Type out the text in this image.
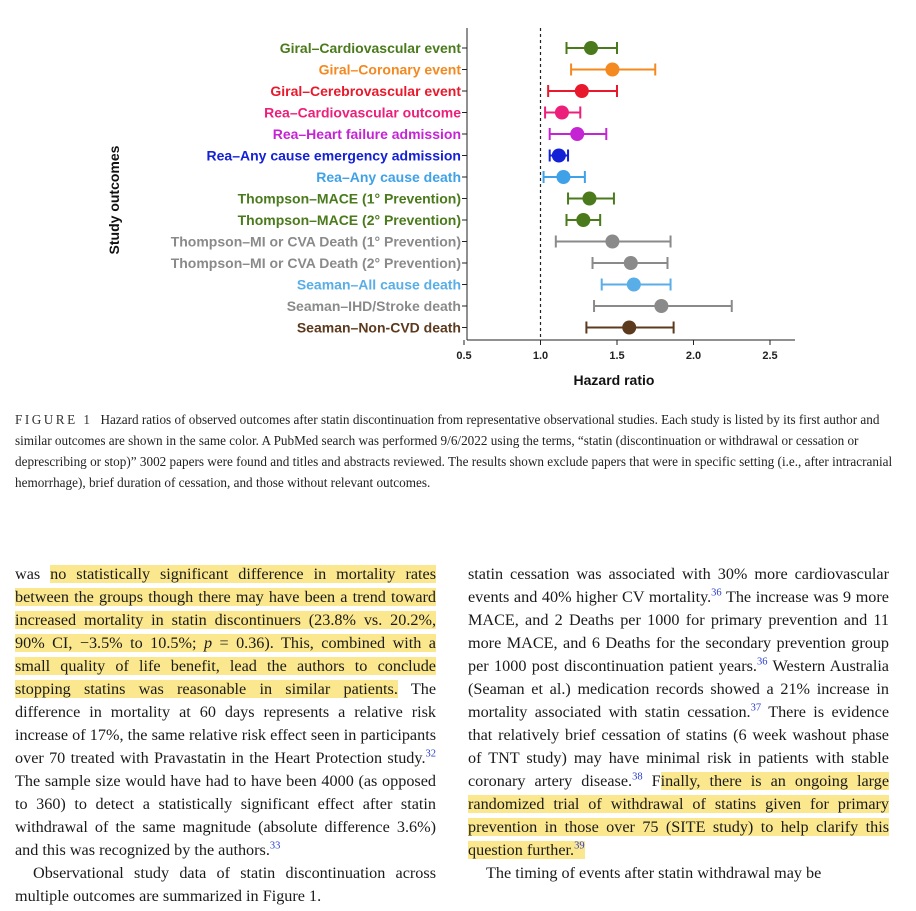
Giral–Cardiovascular event
Giral–Coronary event
Giral–Cerebrovascular event
Rea–Cardiovascular outcome
Rea–Heart failure admission
Rea–Any cause emergency admission
Rea–Any cause death
Thompson–MACE (1° Prevention)
Thompson–MACE (2° Prevention)
Thompson–MI or CVA Death (1° Prevention)
Thompson–MI or CVA Death (2° Prevention)
Seaman–All cause death
Seaman–IHD/Stroke death
Seaman–Non-CVD death
0.5	1.0	1.5	2.0	2.5
Hazard ratio
Study outcomes
FIGURE 1 Hazard ratios of observed outcomes after statin discontinuation from representative observational studies. Each study is listed by its first author and similar outcomes are shown in the same color. A PubMed search was performed 9/6/2022 using the terms, “statin (discontinuation or withdrawal or cessation or deprescribing or stop)” 3002 papers were found and titles and abstracts reviewed. The results shown exclude papers that were in specific setting (i.e., after intracranial hemorrhage), brief duration of cessation, and those without relevant outcomes.

was no statistically significant difference in mortality rates between the groups though there may have been a trend toward increased mortality in statin discontinuers (23.8% vs. 20.2%, 90% CI, −3.5% to 10.5%; p = 0.36). This, combined with a small quality of life benefit, lead the authors to conclude stopping statins was reasonable in similar patients. The difference in mortality at 60 days represents a relative risk increase of 17%, the same relative risk effect seen in participants over 70 treated with Pravastatin in the Heart Protection study.$^{32}$ The sample size would have had to have been 4000 (as opposed to 360) to detect a statistically significant effect after statin withdrawal of the same magnitude (absolute difference 3.6%) and this was recognized by the authors.$^{33}$

Observational study data of statin discontinuation across multiple outcomes are summarized in Figure 1.

statin cessation was associated with 30% more cardiovascular events and 40% higher CV mortality.$^{36}$ The increase was 9 more MACE, and 2 Deaths per 1000 for primary prevention and 11 more MACE, and 6 Deaths for the secondary prevention group per 1000 post discontinuation patient years.$^{36}$ Western Australia (Seaman et al.) medication records showed a 21% increase in mortality associated with statin cessation.$^{37}$ There is evidence that relatively brief cessation of statins (6 week washout phase of TNT study) may have minimal risk in patients with stable coronary artery disease.$^{38}$ Finally, there is an ongoing large randomized trial of withdrawal of statins given for primary prevention in those over 75 (SITE study) to help clarify this question further.$^{39}$

The timing of events after statin withdrawal may be
